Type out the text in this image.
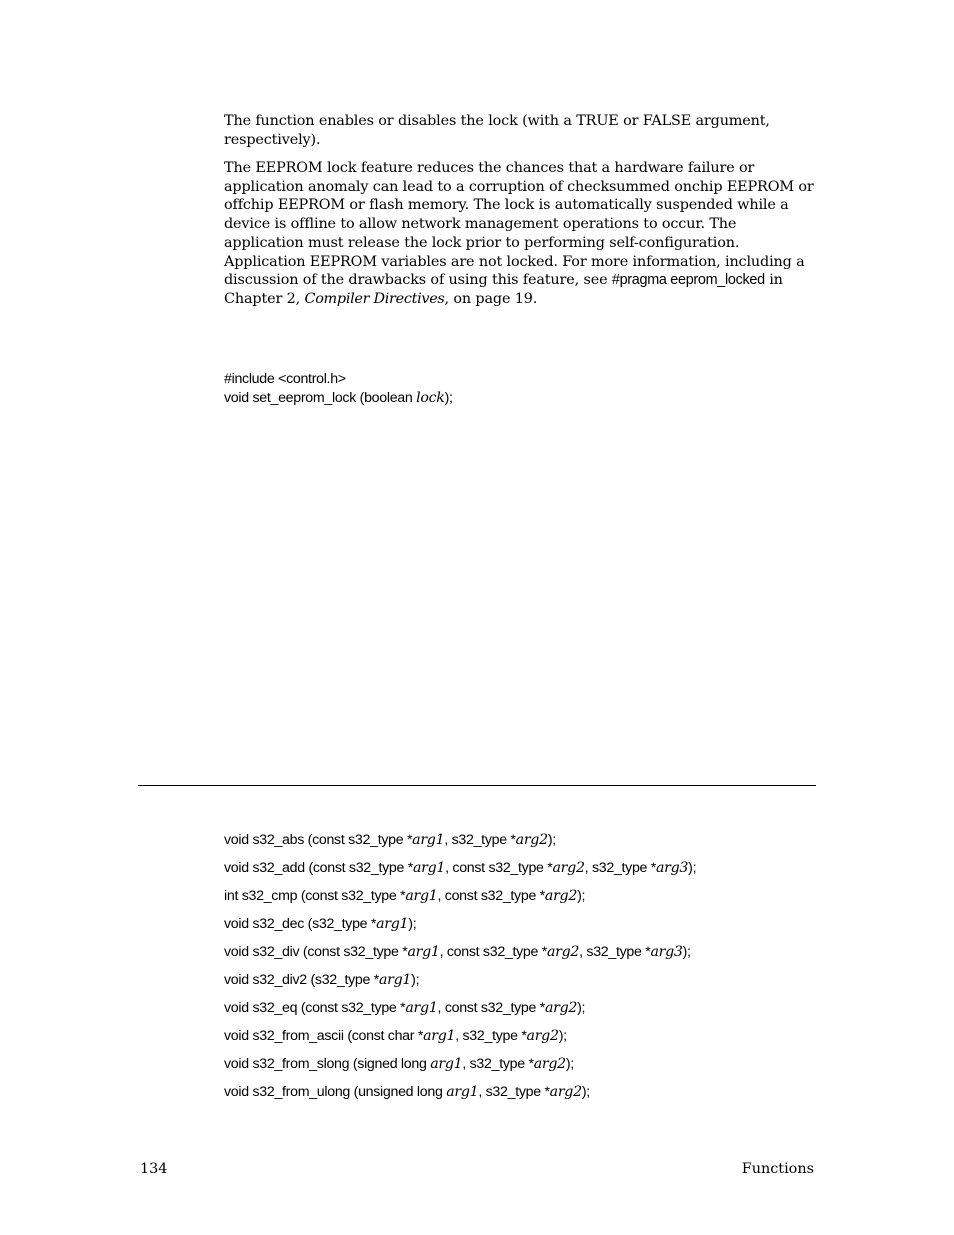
The function enables or disables the lock (with a TRUE or FALSE argument, respectively).
The EEPROM lock feature reduces the chances that a hardware failure or application anomaly can lead to a corruption of checksummed onchip EEPROM or offchip EEPROM or flash memory. The lock is automatically suspended while a device is offline to allow network management operations to occur. The application must release the lock prior to performing self-configuration. Application EEPROM variables are not locked. For more information, including a discussion of the drawbacks of using this feature, see #pragma eeprom_locked in Chapter 2, Compiler Directives, on page 19.
#include <control.h>
void set_eeprom_lock (boolean lock);
void s32_abs (const s32_type *arg1, s32_type *arg2);
void s32_add (const s32_type *arg1, const s32_type *arg2, s32_type *arg3);
int s32_cmp (const s32_type *arg1, const s32_type *arg2);
void s32_dec (s32_type *arg1);
void s32_div (const s32_type *arg1, const s32_type *arg2, s32_type *arg3);
void s32_div2 (s32_type *arg1);
void s32_eq (const s32_type *arg1, const s32_type *arg2);
void s32_from_ascii (const char *arg1, s32_type *arg2);
void s32_from_slong (signed long arg1, s32_type *arg2);
void s32_from_ulong (unsigned long arg1, s32_type *arg2);
134	Functions
